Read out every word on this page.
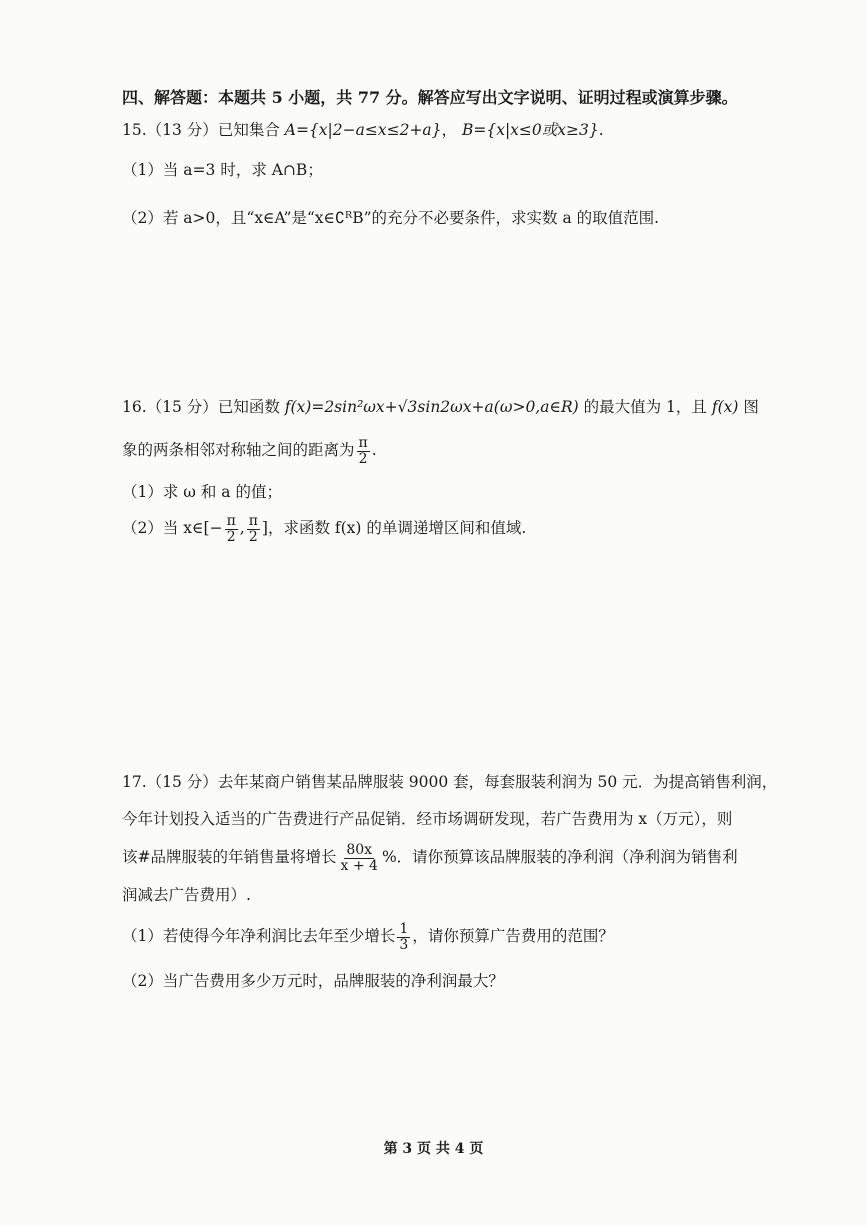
四、解答题：本题共 5 小题，共 77 分。解答应写出文字说明、证明过程或演算步骤。
15.（13 分）已知集合 A={x|2−a≤x≤2+a}， B={x|x≤0或x≥3}.
（1）当 a=3 时，求 A∩B；
（2）若 a>0，且“x∈A”是“x∈∁ᴿB”的充分不必要条件，求实数 a 的取值范围.
16.（15 分）已知函数 f(x)=2sin²ωx+√3sin2ωx+a(ω>0,a∈R) 的最大值为 1，且 f(x) 图
象的两条相邻对称轴之间的距离为 $\frac{\pi}{2}$ .
（1）求 ω 和 a 的值；
（2）当 x∈[− $\frac{\pi}{2}$ , $\frac{\pi}{2}$ ]，求函数 f(x) 的单调递增区间和值域.
17.（15 分）去年某商户销售某品牌服装 9000 套，每套服装利润为 50 元．为提高销售利润，
今年计划投入适当的广告费进行产品促销．经市场调研发现，若广告费用为 x（万元），则
该#品牌服装的年销售量将增长 $\frac{80x}{x + 4}$ %．请你预算该品牌服装的净利润（净利润为销售利
润减去广告费用）.
（1）若使得今年净利润比去年至少增长 $\frac{1}{3}$ ，请你预算广告费用的范围？
（2）当广告费用多少万元时，品牌服装的净利润最大？
第 3 页 共 4 页
